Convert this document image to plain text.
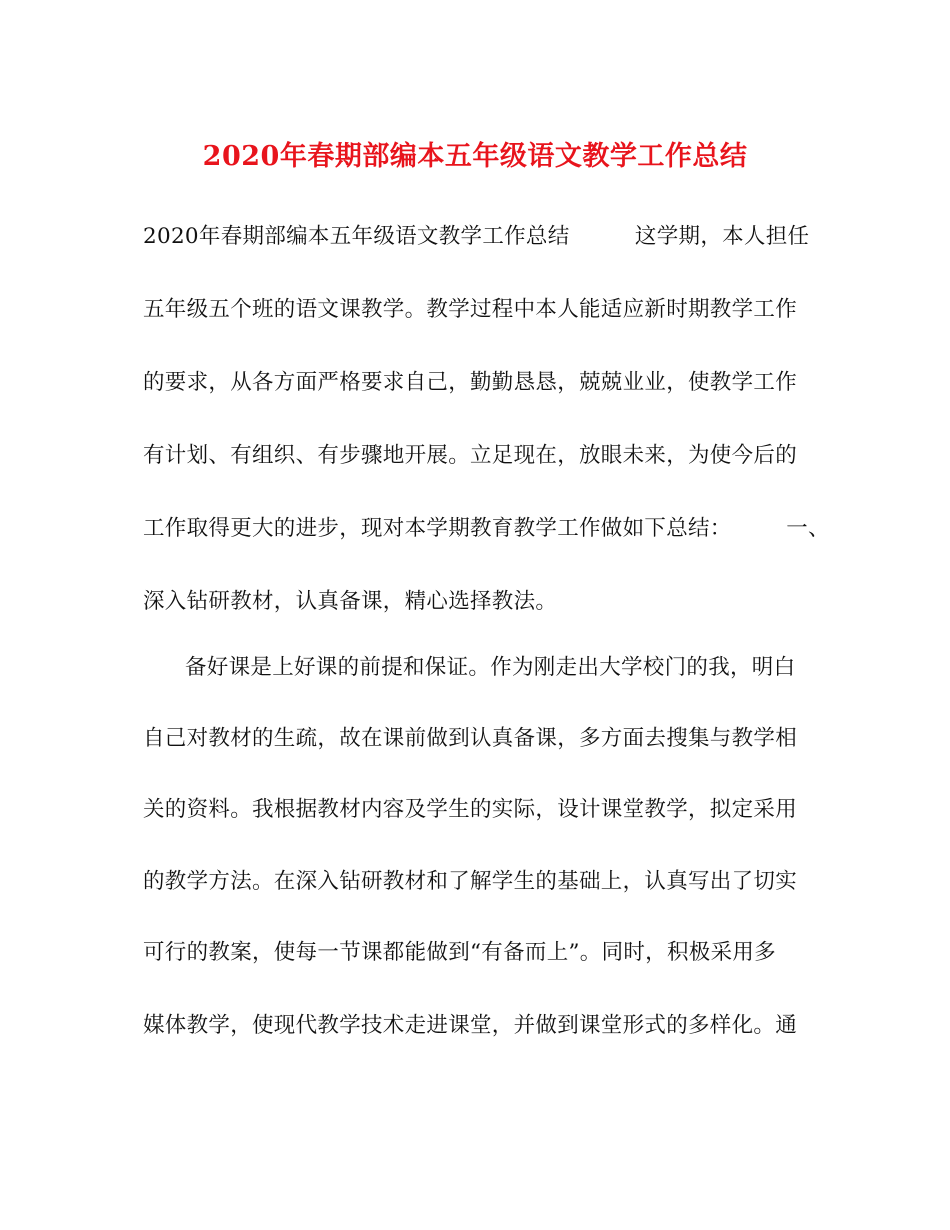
2020年春期部编本五年级语文教学工作总结
2020年春期部编本五年级语文教学工作总结　　　这学期，本人担任
五年级五个班的语文课教学。教学过程中本人能适应新时期教学工作
的要求，从各方面严格要求自己，勤勤恳恳，兢兢业业，使教学工作
有计划、有组织、有步骤地开展。立足现在，放眼未来，为使今后的
工作取得更大的进步，现对本学期教育教学工作做如下总结：　　　一、
深入钻研教材，认真备课，精心选择教法。
备好课是上好课的前提和保证。作为刚走出大学校门的我，明白
自己对教材的生疏，故在课前做到认真备课，多方面去搜集与教学相
关的资料。我根据教材内容及学生的实际，设计课堂教学，拟定采用
的教学方法。在深入钻研教材和了解学生的基础上，认真写出了切实
可行的教案，使每一节课都能做到“有备而上”。同时，积极采用多
媒体教学，使现代教学技术走进课堂，并做到课堂形式的多样化。通
